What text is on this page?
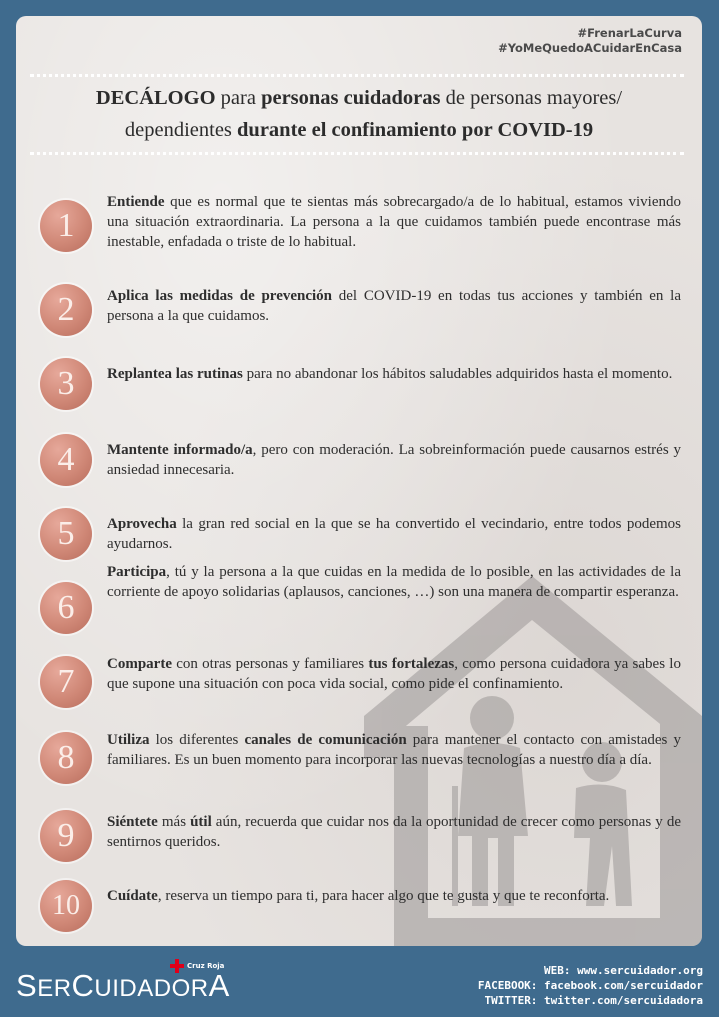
#FrenarLaCurva
#YoMeQuedoACuidarEnCasa
DECÁLOGO para personas cuidadoras de personas mayores/
dependientes durante el confinamiento por COVID-19
1
Entiende que es normal que te sientas más sobrecargado/a de lo habitual, estamos viviendo una situación extraordinaria. La persona a la que cuidamos también puede encontrase más inestable, enfadada o triste de lo habitual.
2	Aplica las medidas de prevención del COVID-19 en todas tus acciones y también en la persona a la que cuidamos.
3	Replantea las rutinas para no abandonar los hábitos saludables adquiridos hasta el momento.
4	Mantente informado/a, pero con moderación. La sobreinformación puede causarnos estrés y ansiedad innecesaria.
5	Aprovecha la gran red social en la que se ha convertido el vecindario, entre todos podemos ayudarnos.
6
Participa, tú y la persona a la que cuidas en la medida de lo posible, en las actividades de la corriente de apoyo solidarias (aplausos, canciones, …) son una manera de compartir esperanza.
7	Comparte con otras personas y familiares tus fortalezas, como persona cuidadora ya sabes lo que supone una situación con poca vida social, como pide el confinamiento.
8	Utiliza los diferentes canales de comunicación para mantener el contacto con amistades y familiares. Es un buen momento para incorporar las nuevas tecnologías a nuestro día a día.
9	Siéntete más útil aún, recuerda que cuidar nos da la oportunidad de crecer como personas y de sentirnos queridos.
10	Cuídate, reserva un tiempo para ti, para hacer algo que te gusta y que te reconforta.
SERCUIDADORA
Cruz Roja	WEB: www.sercuidador.org
FACEBOOK: facebook.com/sercuidador
TWITTER: twitter.com/sercuidadora
